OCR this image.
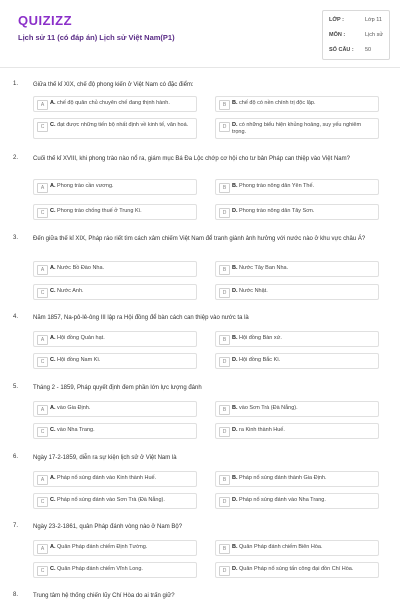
QUIZIZZ
Lịch sử 11 (có đáp án) Lịch sử Việt Nam(P1)
LỚP :	Lớp 11
MÔN :	Lịch sử
SỐ CÂU : 50
1. Giữa thế kỉ XIX, chế độ phong kiến ở Việt Nam có đặc điểm:
A	A. chế độ quân chủ chuyên chế đang thịnh hành.	B	B. chế độ có nền chính trị độc lập.
C	C. đạt được những tiến bộ nhất định về kinh tế, văn hoá.	D	D. có những biểu hiện khủng hoảng, suy yếu nghiêm trọng.
2. Cuối thế kỉ XVIII, khi phong trào nào nổ ra, giám mục Bá Đa Lộc chớp cơ hội cho tư bản Pháp can thiệp vào Việt Nam?
A	A. Phong trào cần vương.	B	B. Phong trào nông dân Yên Thế.
C	C. Phong trào chống thuế ở Trung Kì.	D	D. Phong trào nông dân Tây Sơn.
3. Đến giữa thế kỉ XIX, Pháp ráo riết tìm cách xâm chiếm Việt Nam để tranh giành ảnh hưởng với nước nào ở khu vực châu Á?
A	A. Nước Bồ Đào Nha.	B	B. Nước Tây Ban Nha.
C	C. Nước Anh.	D	D. Nước Nhật.
4. Năm 1857, Na-pô-lê-ông III lập ra Hội đồng để bàn cách can thiệp vào nước ta là
A	A. Hội đồng Quản hạt.	B	B. Hội đồng Bàn xứ.
C	C. Hội đồng Nam Kì.	D	D. Hội đồng Bắc Kì.
5. Tháng 2 - 1859, Pháp quyết định đem phần lớn lực lượng đánh
A	A. vào Gia Định.	B	B. vào Sơn Trà (Đà Nẵng).
C	C. vào Nha Trang.	D	D. ra Kinh thành Huế.
6. Ngày 17-2-1859, diễn ra sự kiện lịch sử ở Việt Nam là
A	A. Pháp nổ súng đánh vào Kinh thành Huế.	B	B. Pháp nổ súng đánh thành Gia Định.
C	C. Pháp nổ súng đánh vào Sơn Trà (Đà Nẵng).	D	D. Pháp nổ súng đánh vào Nha Trang.
7. Ngày 23-2-1861, quân Pháp đánh vòng nào ở Nam Bộ?
A	A. Quân Pháp đánh chiếm Định Tường.	B	B. Quân Pháp đánh chiếm Biên Hòa.
C	C. Quân Pháp đánh chiếm Vĩnh Long.	D	D. Quân Pháp nổ súng tấn công đại đồn Chí Hòa.
8. Trung tâm hệ thống chiến lũy Chí Hòa do ai trấn giữ?
